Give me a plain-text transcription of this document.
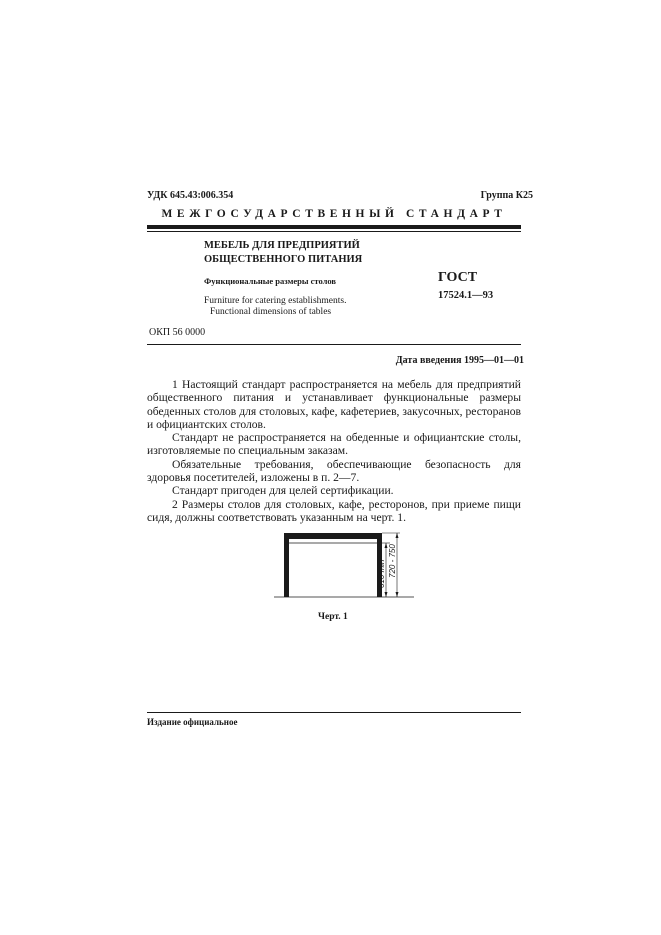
УДК 645.43:006.354	Группа К25
МЕЖГОСУДАРСТВЕННЫЙ СТАНДАРТ
МЕБЕЛЬ ДЛЯ ПРЕДПРИЯТИЙ
ОБЩЕСТВЕННОГО ПИТАНИЯ
Функциональные размеры столов
Furniture for catering establishments.
Functional dimensions of tables
ГОСТ
17524.1—93
ОКП 56 0000
Дата введения 1995—01—01

1 Настоящий стандарт распространяется на мебель для предприятий общественного питания и устанавливает функциональные размеры обеденных столов для столовых, кафе, кафетериев, закусочных, ресторанов и официантских столов.

Стандарт не распространяется на обеденные и официантские столы, изготовляемые по специальным заказам.

Обязательные требования, обеспечивающие безопасность для здоровья посетителей, изложены в п. 2—7.

Стандарт пригоден для целей сертификации.

2 Размеры столов для столовых, кафе, ресторонов, при приеме пищи сидя, должны соответствовать указанным на черт. 1.

610 min 720 - 750
Черт. 1
Издание официальное
